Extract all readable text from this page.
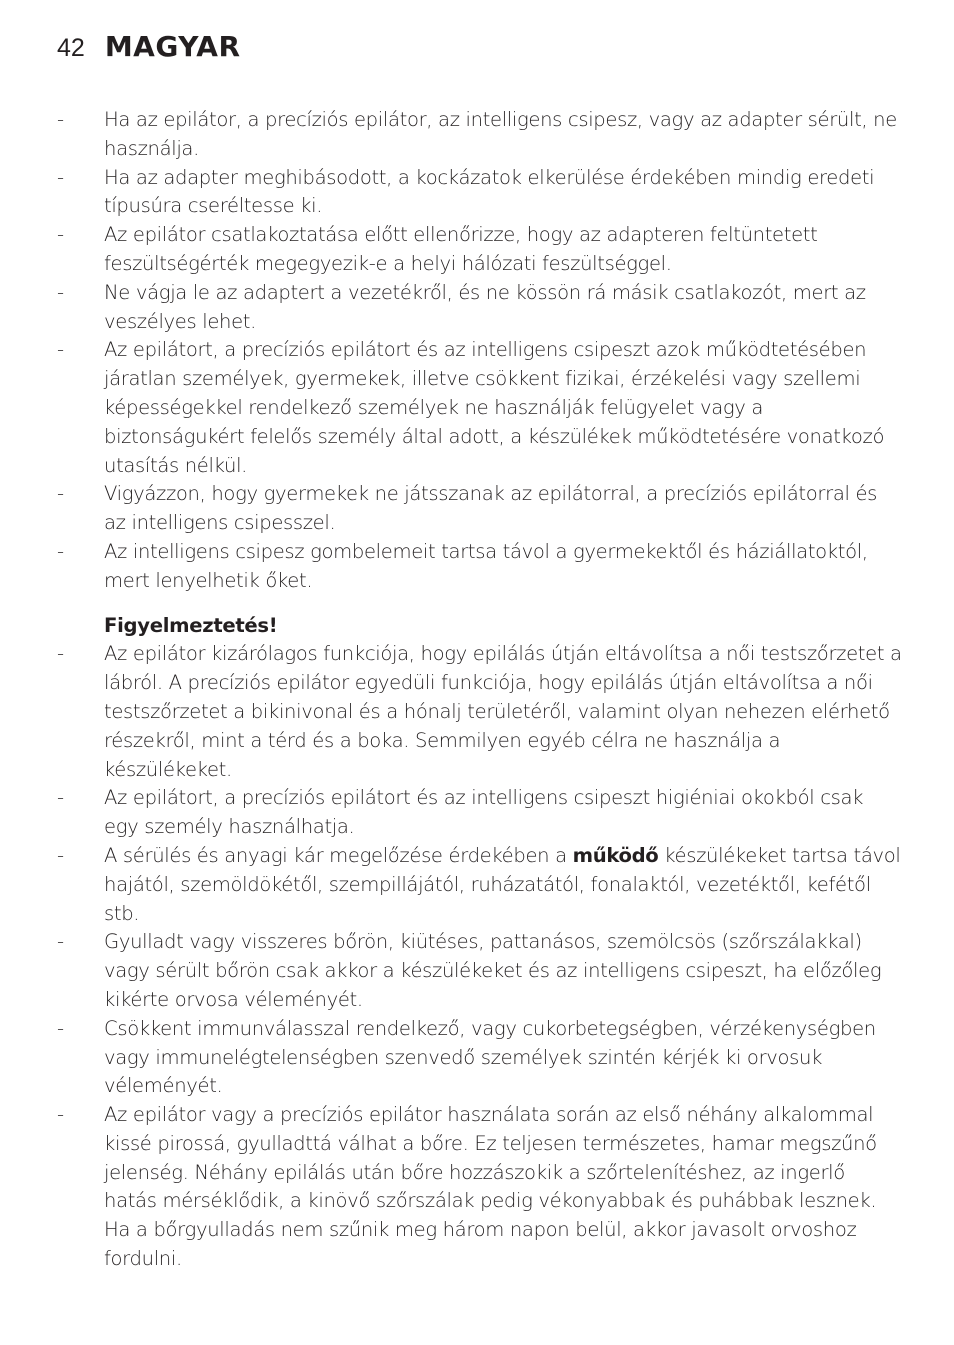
42 MAGYAR
- Ha az epilátor, a precíziós epilátor, az intelligens csipesz, vagy az adapter sérült, ne használja.
- Ha az adapter meghibásodott, a kockázatok elkerülése érdekében mindig eredeti típusúra cseréltesse ki.
- Az epilátor csatlakoztatása előtt ellenőrizze, hogy az adapteren feltüntetett feszültségérték megegyezik-e a helyi hálózati feszültséggel.
- Ne vágja le az adaptert a vezetékről, és ne kössön rá másik csatlakozót, mert az veszélyes lehet.
- Az epilátort, a precíziós epilátort és az intelligens csipeszt azok működtetésében járatlan személyek, gyermekek, illetve csökkent fizikai, érzékelési vagy szellemi képességekkel rendelkező személyek ne használják felügyelet vagy a biztonságukért felelős személy által adott, a készülékek működtetésére vonatkozó utasítás nélkül.
- Vigyázzon, hogy gyermekek ne játsszanak az epilátorral, a precíziós epilátorral és az intelligens csipesszel.
- Az intelligens csipesz gombelemeit tartsa távol a gyermekektől és háziállatoktól, mert lenyelhetik őket.
Figyelmeztetés!
- Az epilátor kizárólagos funkciója, hogy epilálás útján eltávolítsa a női testszőrzetet a lábról. A precíziós epilátor egyedüli funkciója, hogy epilálás útján eltávolítsa a női testszőrzetet a bikinivonal és a hónalj területéről, valamint olyan nehezen elérhető részekről, mint a térd és a boka. Semmilyen egyéb célra ne használja a készülékeket.
- Az epilátort, a precíziós epilátort és az intelligens csipeszt higiéniai okokból csak egy személy használhatja.
- A sérülés és anyagi kár megelőzése érdekében a működő készülékeket tartsa távol hajától, szemöldökétől, szempillájától, ruházatától, fonalaktól, vezetéktől, kefétől stb.
- Gyulladt vagy visszeres bőrön, kiütéses, pattanásos, szemölcsös (szőrszálakkal) vagy sérült bőrön csak akkor a készülékeket és az intelligens csipeszt, ha előzőleg kikérte orvosa véleményét.
- Csökkent immunválasszal rendelkező, vagy cukorbetegségben, vérzékenységben vagy immunelégtelenségben szenvedő személyek szintén kérjék ki orvosuk véleményét.
- Az epilátor vagy a precíziós epilátor használata során az első néhány alkalommal kissé pirossá, gyulladttá válhat a bőre. Ez teljesen természetes, hamar megszűnő jelenség. Néhány epilálás után bőre hozzászokik a szőrtelenítéshez, az ingerlő hatás mérséklődik, a kinövő szőrszálak pedig vékonyabbak és puhábbak lesznek. Ha a bőrgyulladás nem szűnik meg három napon belül, akkor javasolt orvoshoz fordulni.
